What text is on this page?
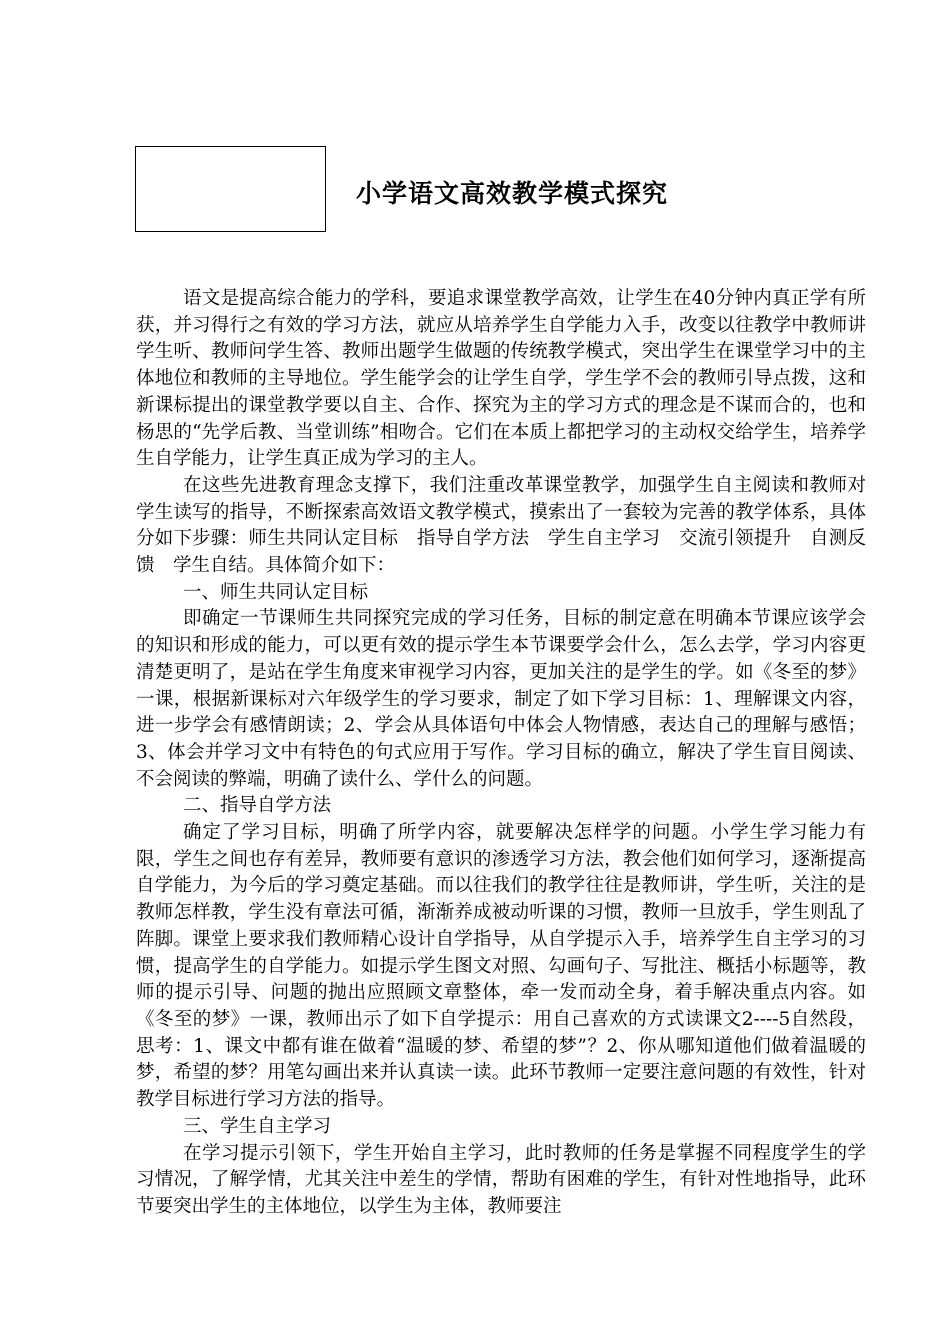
小学语文高效教学模式探究

语文是提高综合能力的学科，要追求课堂教学高效，让学生在40分钟内真正学有所获，并习得行之有效的学习方法，就应从培养学生自学能力入手，改变以往教学中教师讲学生听、教师问学生答、教师出题学生做题的传统教学模式，突出学生在课堂学习中的主体地位和教师的主导地位。学生能学会的让学生自学，学生学不会的教师引导点拨，这和新课标提出的课堂教学要以自主、合作、探究为主的学习方式的理念是不谋而合的，也和杨思的“先学后教、当堂训练”相吻合。它们在本质上都把学习的主动权交给学生，培养学生自学能力，让学生真正成为学习的主人。

在这些先进教育理念支撑下，我们注重改革课堂教学，加强学生自主阅读和教师对学生读写的指导，不断探索高效语文教学模式，摸索出了一套较为完善的教学体系，具体分如下步骤：师生共同认定目标　指导自学方法　学生自主学习　交流引领提升　自测反馈　学生自结。具体简介如下：

一、师生共同认定目标

即确定一节课师生共同探究完成的学习任务，目标的制定意在明确本节课应该学会的知识和形成的能力，可以更有效的提示学生本节课要学会什么，怎么去学，学习内容更清楚更明了，是站在学生角度来审视学习内容，更加关注的是学生的学。如《冬至的梦》一课，根据新课标对六年级学生的学习要求，制定了如下学习目标：1、理解课文内容，进一步学会有感情朗读；2、学会从具体语句中体会人物情感，表达自己的理解与感悟；3、体会并学习文中有特色的句式应用于写作。学习目标的确立，解决了学生盲目阅读、不会阅读的弊端，明确了读什么、学什么的问题。

二、指导自学方法

确定了学习目标，明确了所学内容，就要解决怎样学的问题。小学生学习能力有限，学生之间也存有差异，教师要有意识的渗透学习方法，教会他们如何学习，逐渐提高自学能力，为今后的学习奠定基础。而以往我们的教学往往是教师讲，学生听，关注的是教师怎样教，学生没有章法可循，渐渐养成被动听课的习惯，教师一旦放手，学生则乱了阵脚。课堂上要求我们教师精心设计自学指导，从自学提示入手，培养学生自主学习的习惯，提高学生的自学能力。如提示学生图文对照、勾画句子、写批注、概括小标题等，教师的提示引导、问题的抛出应照顾文章整体，牵一发而动全身，着手解决重点内容。如《冬至的梦》一课，教师出示了如下自学提示：用自己喜欢的方式读课文2----5自然段，思考：1、课文中都有谁在做着“温暖的梦、希望的梦”？2、你从哪知道他们做着温暖的梦，希望的梦？用笔勾画出来并认真读一读。此环节教师一定要注意问题的有效性，针对教学目标进行学习方法的指导。

三、学生自主学习

在学习提示引领下，学生开始自主学习，此时教师的任务是掌握不同程度学生的学习情况，了解学情，尤其关注中差生的学情，帮助有困难的学生，有针对性地指导，此环节要突出学生的主体地位，以学生为主体，教师要注
